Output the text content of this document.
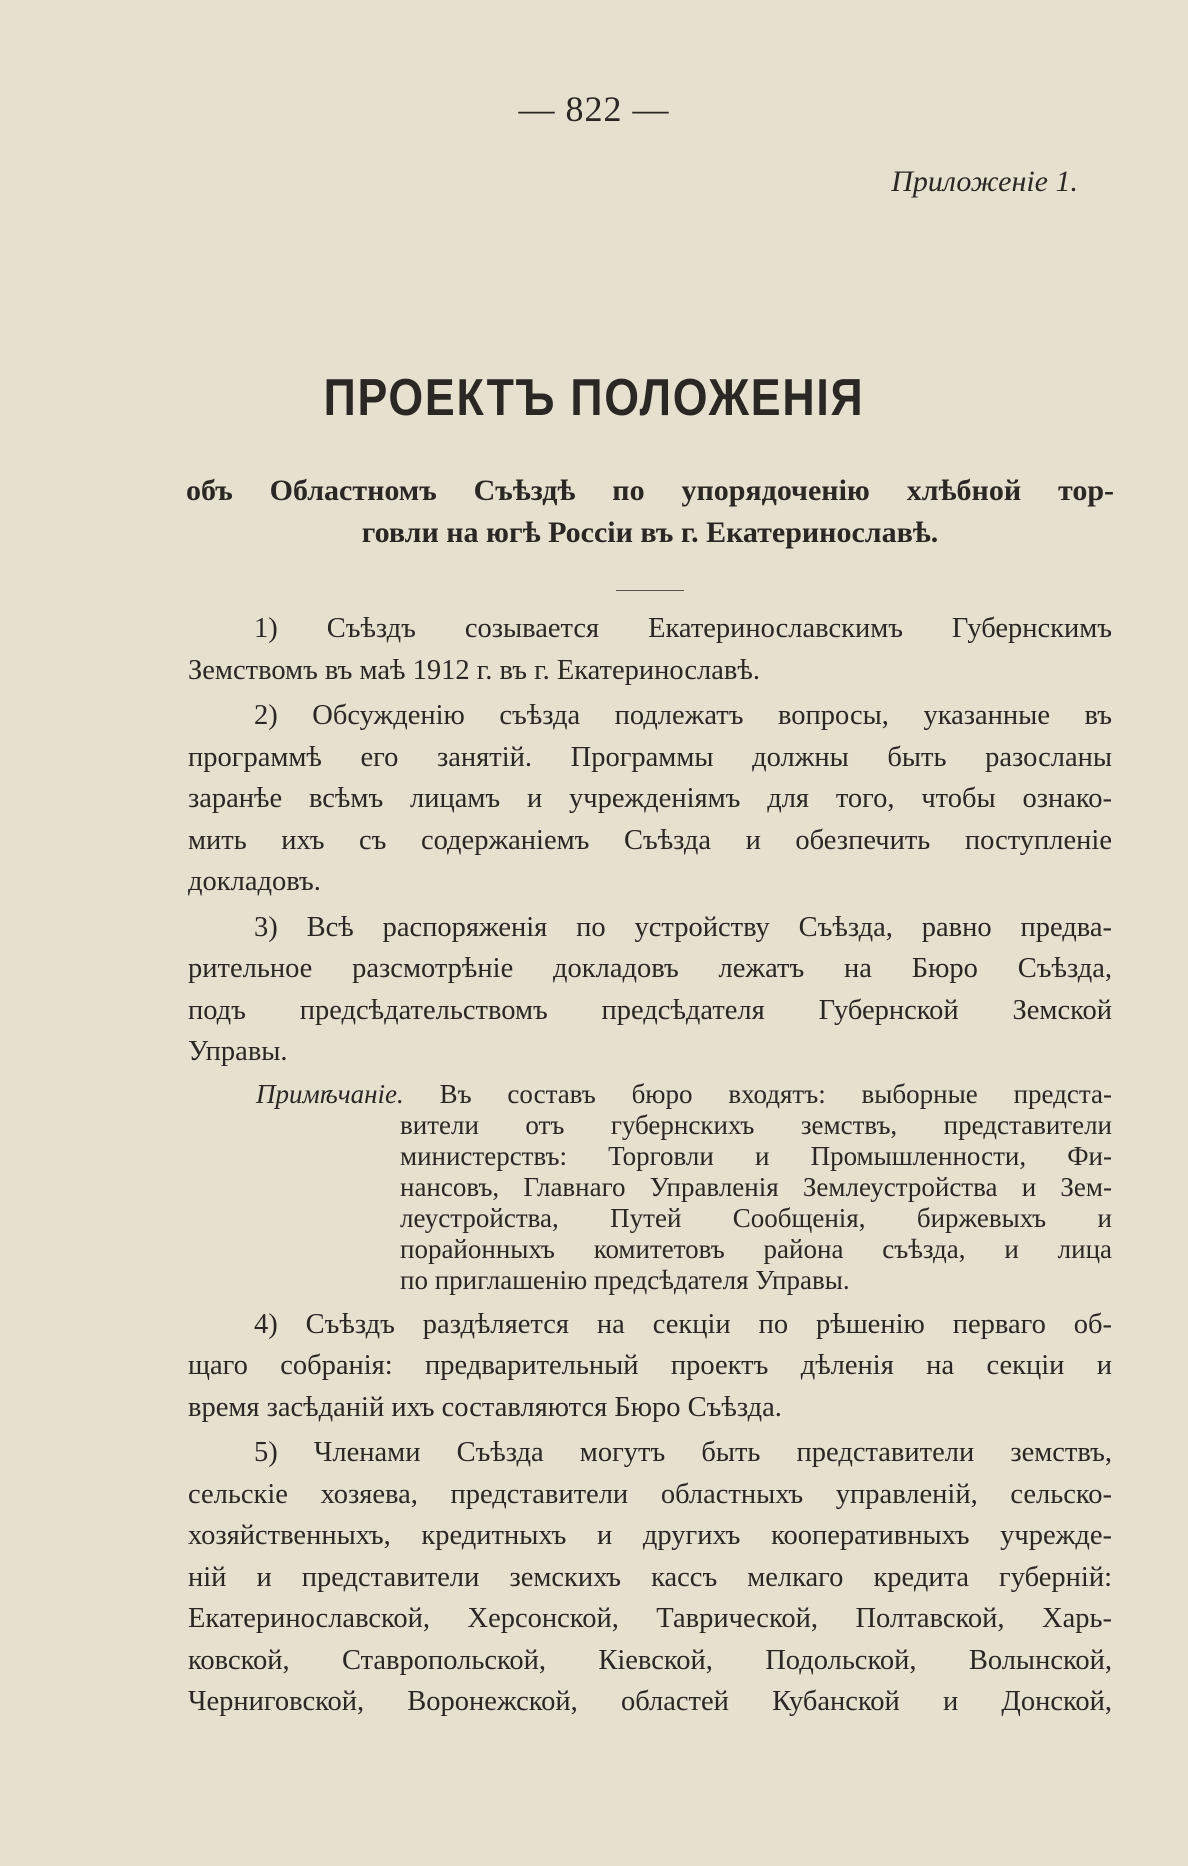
— 822 —
Приложеніе 1.
ПРОЕКТЪ ПОЛОЖЕНІЯ
объ Областномъ Съѣздѣ по упорядоченію хлѣбной тор-
говли на югѣ Россіи въ г. Екатеринославѣ.
1) Съѣздъ созывается Екатеринославскимъ Губернскимъ
Земствомъ въ маѣ 1912 г. въ г. Екатеринославѣ.
2) Обсужденію съѣзда подлежатъ вопросы, указанные въ
программѣ его занятій. Программы должны быть разосланы
заранѣе всѣмъ лицамъ и учрежденіямъ для того, чтобы ознако-
мить ихъ съ содержаніемъ Съѣзда и обезпечить поступленіе
докладовъ.
3) Всѣ распоряженія по устройству Съѣзда, равно предва-
рительное разсмотрѣніе докладовъ лежатъ на Бюро Съѣзда,
подъ предсѣдательствомъ предсѣдателя Губернской Земской
Управы.
Примѣчаніе. Въ составъ бюро входятъ: выборные предста-
вители отъ губернскихъ земствъ, представители
министерствъ: Торговли и Промышленности, Фи-
нансовъ, Главнаго Управленія Землеустройства и Зем-
леустройства, Путей Сообщенія, биржевыхъ и
порайонныхъ комитетовъ района съѣзда, и лица
по приглашенію предсѣдателя Управы.
4) Съѣздъ раздѣляется на секціи по рѣшенію перваго об-
щаго собранія: предварительный проектъ дѣленія на секціи и
время засѣданій ихъ составляются Бюро Съѣзда.
5) Членами Съѣзда могутъ быть представители земствъ,
сельскіе хозяева, представители областныхъ управленій, сельско-
хозяйственныхъ, кредитныхъ и другихъ кооперативныхъ учрежде-
ній и представители земскихъ кассъ мелкаго кредита губерній:
Екатеринославской, Херсонской, Таврической, Полтавской, Харь-
ковской, Ставропольской, Кіевской, Подольской, Волынской,
Черниговской, Воронежской, областей Кубанской и Донской,
